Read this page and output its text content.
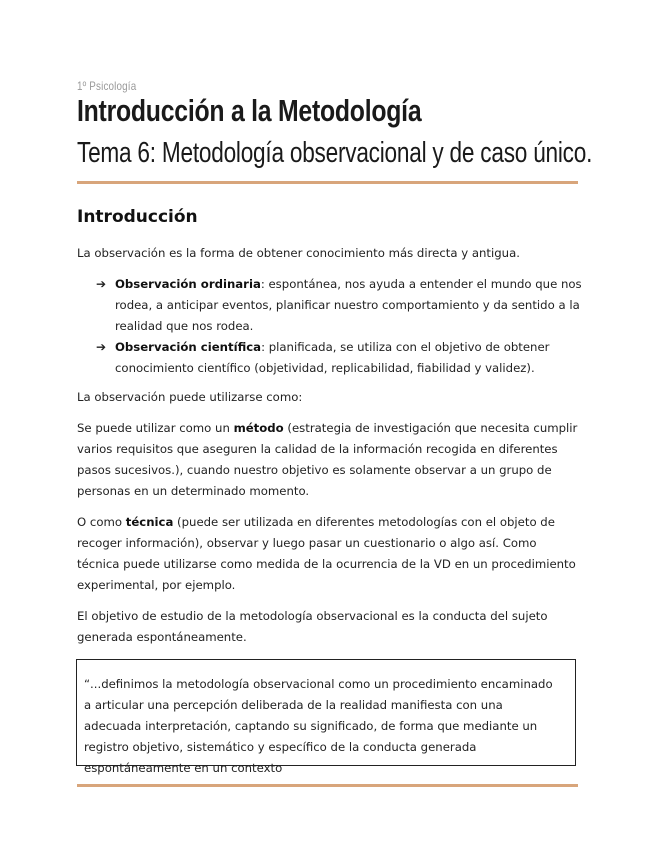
1º Psicología
Introducción a la Metodología
Tema 6: Metodología observacional y de caso único.
Introducción

La observación es la forma de obtener conocimiento más directa y antigua.

➔ Observación ordinaria: espontánea, nos ayuda a entender el mundo que nos rodea, a anticipar eventos, planificar nuestro comportamiento y da sentido a la realidad que nos rodea.
➔ Observación científica: planificada, se utiliza con el objetivo de obtener conocimiento científico (objetividad, replicabilidad, fiabilidad y validez).

La observación puede utilizarse como:

Se puede utilizar como un método (estrategia de investigación que necesita cumplir varios requisitos que aseguren la calidad de la información recogida en diferentes pasos sucesivos.), cuando nuestro objetivo es solamente observar a un grupo de personas en un determinado momento.

O como técnica (puede ser utilizada en diferentes metodologías con el objeto de recoger información), observar y luego pasar un cuestionario o algo así. Como técnica puede utilizarse como medida de la ocurrencia de la VD en un procedimiento experimental, por ejemplo.

El objetivo de estudio de la metodología observacional es la conducta del sujeto generada espontáneamente.

“...definimos la metodología observacional como un procedimiento encaminado a articular una percepción deliberada de la realidad manifiesta con una adecuada interpretación, captando su significado, de forma que mediante un registro objetivo, sistemático y específico de la conducta generada espontáneamente en un contexto
